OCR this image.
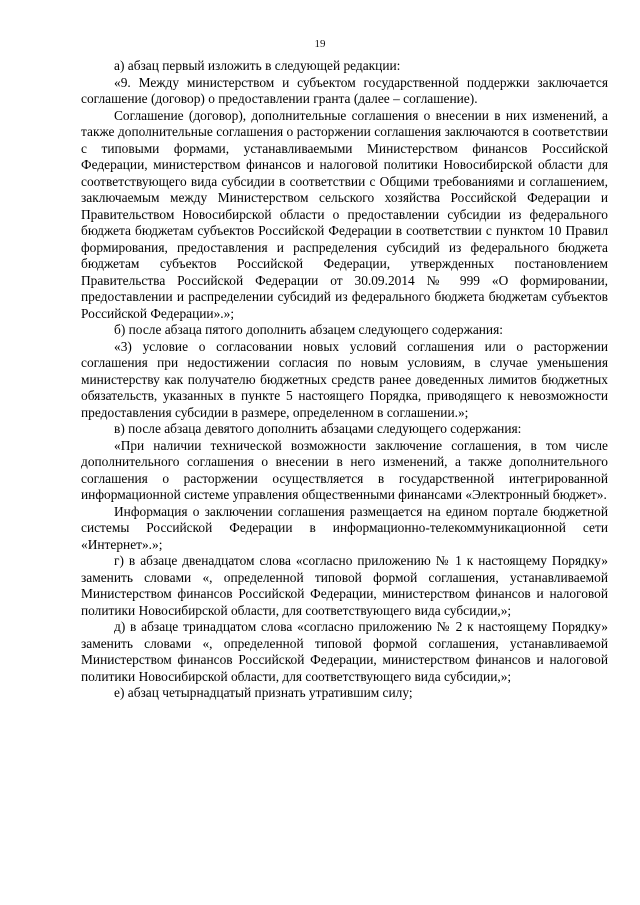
19

а) абзац первый изложить в следующей редакции:

«9. Между министерством и субъектом государственной поддержки заключается соглашение (договор) о предоставлении гранта (далее – соглашение).

Соглашение (договор), дополнительные соглашения о внесении в них изменений, а также дополнительные соглашения о расторжении соглашения заключаются в соответствии с типовыми формами, устанавливаемыми Министерством финансов Российской Федерации, министерством финансов и налоговой политики Новосибирской области для соответствующего вида субсидии в соответствии с Общими требованиями и соглашением, заключаемым между Министерством сельского хозяйства Российской Федерации и Правительством Новосибирской области о предоставлении субсидии из федерального бюджета бюджетам субъектов Российской Федерации в соответствии с пунктом 10 Правил формирования, предоставления и распределения субсидий из федерального бюджета бюджетам субъектов Российской Федерации, утвержденных постановлением Правительства Российской Федерации от 30.09.2014 № 999 «О формировании, предоставлении и распределении субсидий из федерального бюджета бюджетам субъектов Российской Федерации».»;

б) после абзаца пятого дополнить абзацем следующего содержания:

«3) условие о согласовании новых условий соглашения или о расторжении соглашения при недостижении согласия по новым условиям, в случае уменьшения министерству как получателю бюджетных средств ранее доведенных лимитов бюджетных обязательств, указанных в пункте 5 настоящего Порядка, приводящего к невозможности предоставления субсидии в размере, определенном в соглашении.»;

в) после абзаца девятого дополнить абзацами следующего содержания:

«При наличии технической возможности заключение соглашения, в том числе дополнительного соглашения о внесении в него изменений, а также дополнительного соглашения о расторжении осуществляется в государственной интегрированной информационной системе управления общественными финансами «Электронный бюджет».

Информация о заключении соглашения размещается на едином портале бюджетной системы Российской Федерации в информационно-телекоммуникационной сети «Интернет».»;

г) в абзаце двенадцатом слова «согласно приложению № 1 к настоящему Порядку» заменить словами «, определенной типовой формой соглашения, устанавливаемой Министерством финансов Российской Федерации, министерством финансов и налоговой политики Новосибирской области, для соответствующего вида субсидии,»;

д) в абзаце тринадцатом слова «согласно приложению № 2 к настоящему Порядку» заменить словами «, определенной типовой формой соглашения, устанавливаемой Министерством финансов Российской Федерации, министерством финансов и налоговой политики Новосибирской области, для соответствующего вида субсидии,»;

е) абзац четырнадцатый признать утратившим силу;
